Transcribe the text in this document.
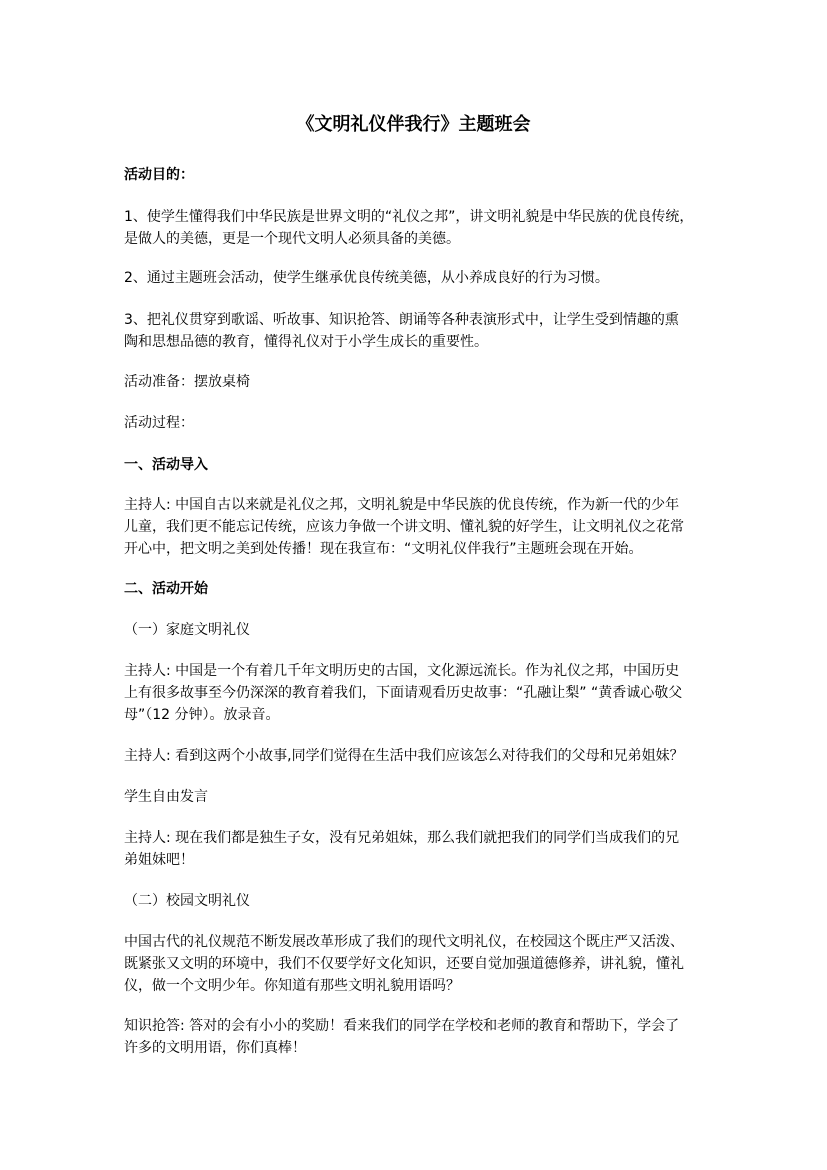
《文明礼仪伴我行》主题班会

活动目的：

1、使学生懂得我们中华民族是世界文明的“礼仪之邦”，讲文明礼貌是中华民族的优良传统，
是做人的美德，更是一个现代文明人必须具备的美德。

2、通过主题班会活动，使学生继承优良传统美德，从小养成良好的行为习惯。

3、把礼仪贯穿到歌谣、听故事、知识抢答、朗诵等各种表演形式中，让学生受到情趣的熏
陶和思想品德的教育，懂得礼仪对于小学生成长的重要性。

活动准备：摆放桌椅

活动过程：

一、活动导入

主持人: 中国自古以来就是礼仪之邦，文明礼貌是中华民族的优良传统，作为新一代的少年
儿童，我们更不能忘记传统，应该力争做一个讲文明、懂礼貌的好学生，让文明礼仪之花常
开心中，把文明之美到处传播！现在我宣布：“文明礼仪伴我行”主题班会现在开始。

二、活动开始

（一）家庭文明礼仪

主持人: 中国是一个有着几千年文明历史的古国，文化源远流长。作为礼仪之邦，中国历史
上有很多故事至今仍深深的教育着我们，下面请观看历史故事：“孔融让梨” “黄香诚心敬父
母”（12 分钟）。放录音。

主持人: 看到这两个小故事,同学们觉得在生活中我们应该怎么对待我们的父母和兄弟姐妹？

学生自由发言

主持人: 现在我们都是独生子女，没有兄弟姐妹，那么我们就把我们的同学们当成我们的兄
弟姐妹吧！

（二）校园文明礼仪

中国古代的礼仪规范不断发展改革形成了我们的现代文明礼仪，在校园这个既庄严又活泼、
既紧张又文明的环境中，我们不仅要学好文化知识，还要自觉加强道德修养，讲礼貌，懂礼
仪，做一个文明少年。你知道有那些文明礼貌用语吗？

知识抢答: 答对的会有小小的奖励！看来我们的同学在学校和老师的教育和帮助下，学会了
许多的文明用语，你们真棒！
